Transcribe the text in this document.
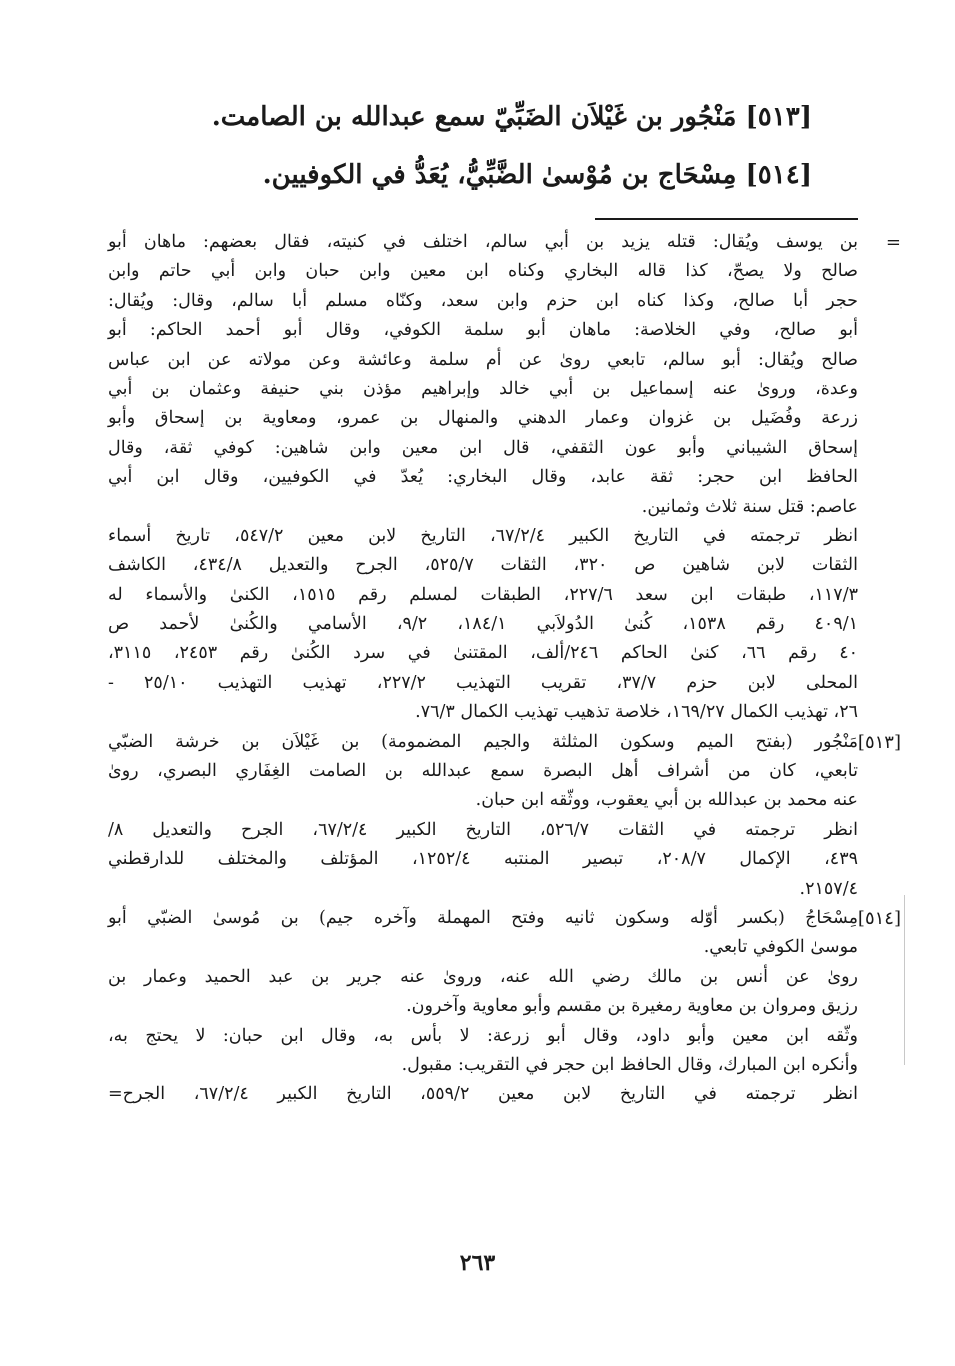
[٥١٣] مَنْجُور بن غَيْلاَن الضَبِّيّ سمع عبدالله بن الصامت.
[٥١٤] مِسْحَاج بن مُوْسىٰ الضَّبِّيُّ، يُعَدُّ في الكوفيين.
=
بن يوسف ويُقال: قتله يزيد بن أبي سالم، اختلف في كنيته، فقال بعضهم: ماهان أبو
صالح ولا يصحّ، كذا قاله البخاري وكناه ابن معين وابن حبان وابن أبي حاتم وابن
حجر أبا صالح، وكذا كناه ابن حزم وابن سعد، وكنّاه مسلم أبا سالم، وقال: ويُقال:
أبو صالح، وفي الخلاصة: ماهان أبو سلمة الكوفي، وقال أبو أحمد الحاكم: أبو
صالح ويُقال: أبو سالم، تابعي روىٰ عن أم سلمة وعائشة وعن مولاته عن ابن عباس
وعدة، وروىٰ عنه إسماعيل بن أبي خالد وإبراهيم مؤذن بني حنيفة وعثمان بن أبي
زرعة وفُضَيل بن غزوان وعمار الدهني والمنهال بن عمرو، ومعاوية بن إسحاق وأبو
إسحاق الشيباني وأبو عون الثقفي، قال ابن معين وابن شاهين: كوفي ثقة، وقال
الحافظ ابن حجر: ثقة عابد، وقال البخاري: يُعدّ في الكوفيين، وقال ابن أبي
عاصم: قتل سنة ثلاث وثمانين.
انظر ترجمته في التاريخ الكبير ٦٧/٢/٤، التاريخ لابن معين ٥٤٧/٢، تاريخ أسماء
الثقات لابن شاهين ص ٣٢٠، الثقات ٥٢٥/٧، الجرح والتعديل ٤٣٤/٨، الكاشف
١١٧/٣، طبقات ابن سعد ٢٢٧/٦، الطبقات لمسلم رقم ١٥١٥، الكنىٰ والأسماء له
٤٠٩/١ رقم ١٥٣٨، كُنىٰ الدُولاَبي ١٨٤/١، ٩/٢، الأسامي والكُنىٰ لأحمد ص
٤٠ رقم ٦٦، كنىٰ الحاكم ٢٤٦/ألف، المقتنىٰ في سرد الكُنىٰ رقم ٢٤٥٣، ٣١١٥،
المحلى لابن حزم ٣٧/٧، تقريب التهذيب ٢٢٧/٢، تهذيب التهذيب ٢٥/١٠ -
٢٦، تهذيب الكمال ١٦٩/٢٧، خلاصة تذهيب تهذيب الكمال ٧٦/٣.
[٥١٣]
مَنْجُور (بفتح الميم وسكون المثلثة والجيم المضمومة) بن غَيْلاَن بن خرشة الضبّي
تابعي، كان من أشراف أهل البصرة سمع عبدالله بن الصامت الغِفَاري البصري، روىٰ
عنه محمد بن عبدالله بن أبي يعقوب، ووثّقه ابن حبان.
انظر ترجمته في الثقات ٥٢٦/٧، التاريخ الكبير ٦٧/٢/٤، الجرح والتعديل ٨/
٤٣٩، الإكمال ٢٠٨/٧، تبصير المنتبه ١٢٥٢/٤، المؤتلف والمختلف للدارقطني
٢١٥٧/٤.
[٥١٤]
مِسْحَاجُ (بكسر أوّله وسكون ثانيه وفتح المهملة وآخره جيم) بن مُوسىٰ الضبّي أبو
موسىٰ الكوفي تابعي.
روىٰ عن أنس بن مالك رضي الله عنه، وروىٰ عنه جرير بن عبد الحميد وعمار بن
رزيق ومروان بن معاوية رمغيرة بن مقسم وأبو معاوية وآخرون.
وثّقه ابن معين وأبو داود، وقال أبو زرعة: لا بأس به، وقال ابن حبان: لا يحتج به،
وأنكره ابن المبارك، وقال الحافظ ابن حجر في التقريب: مقبول.
انظر ترجمته في التاريخ لابن معين ٥٥٩/٢، التاريخ الكبير ٦٧/٢/٤، الجرح=
٢٦٣
